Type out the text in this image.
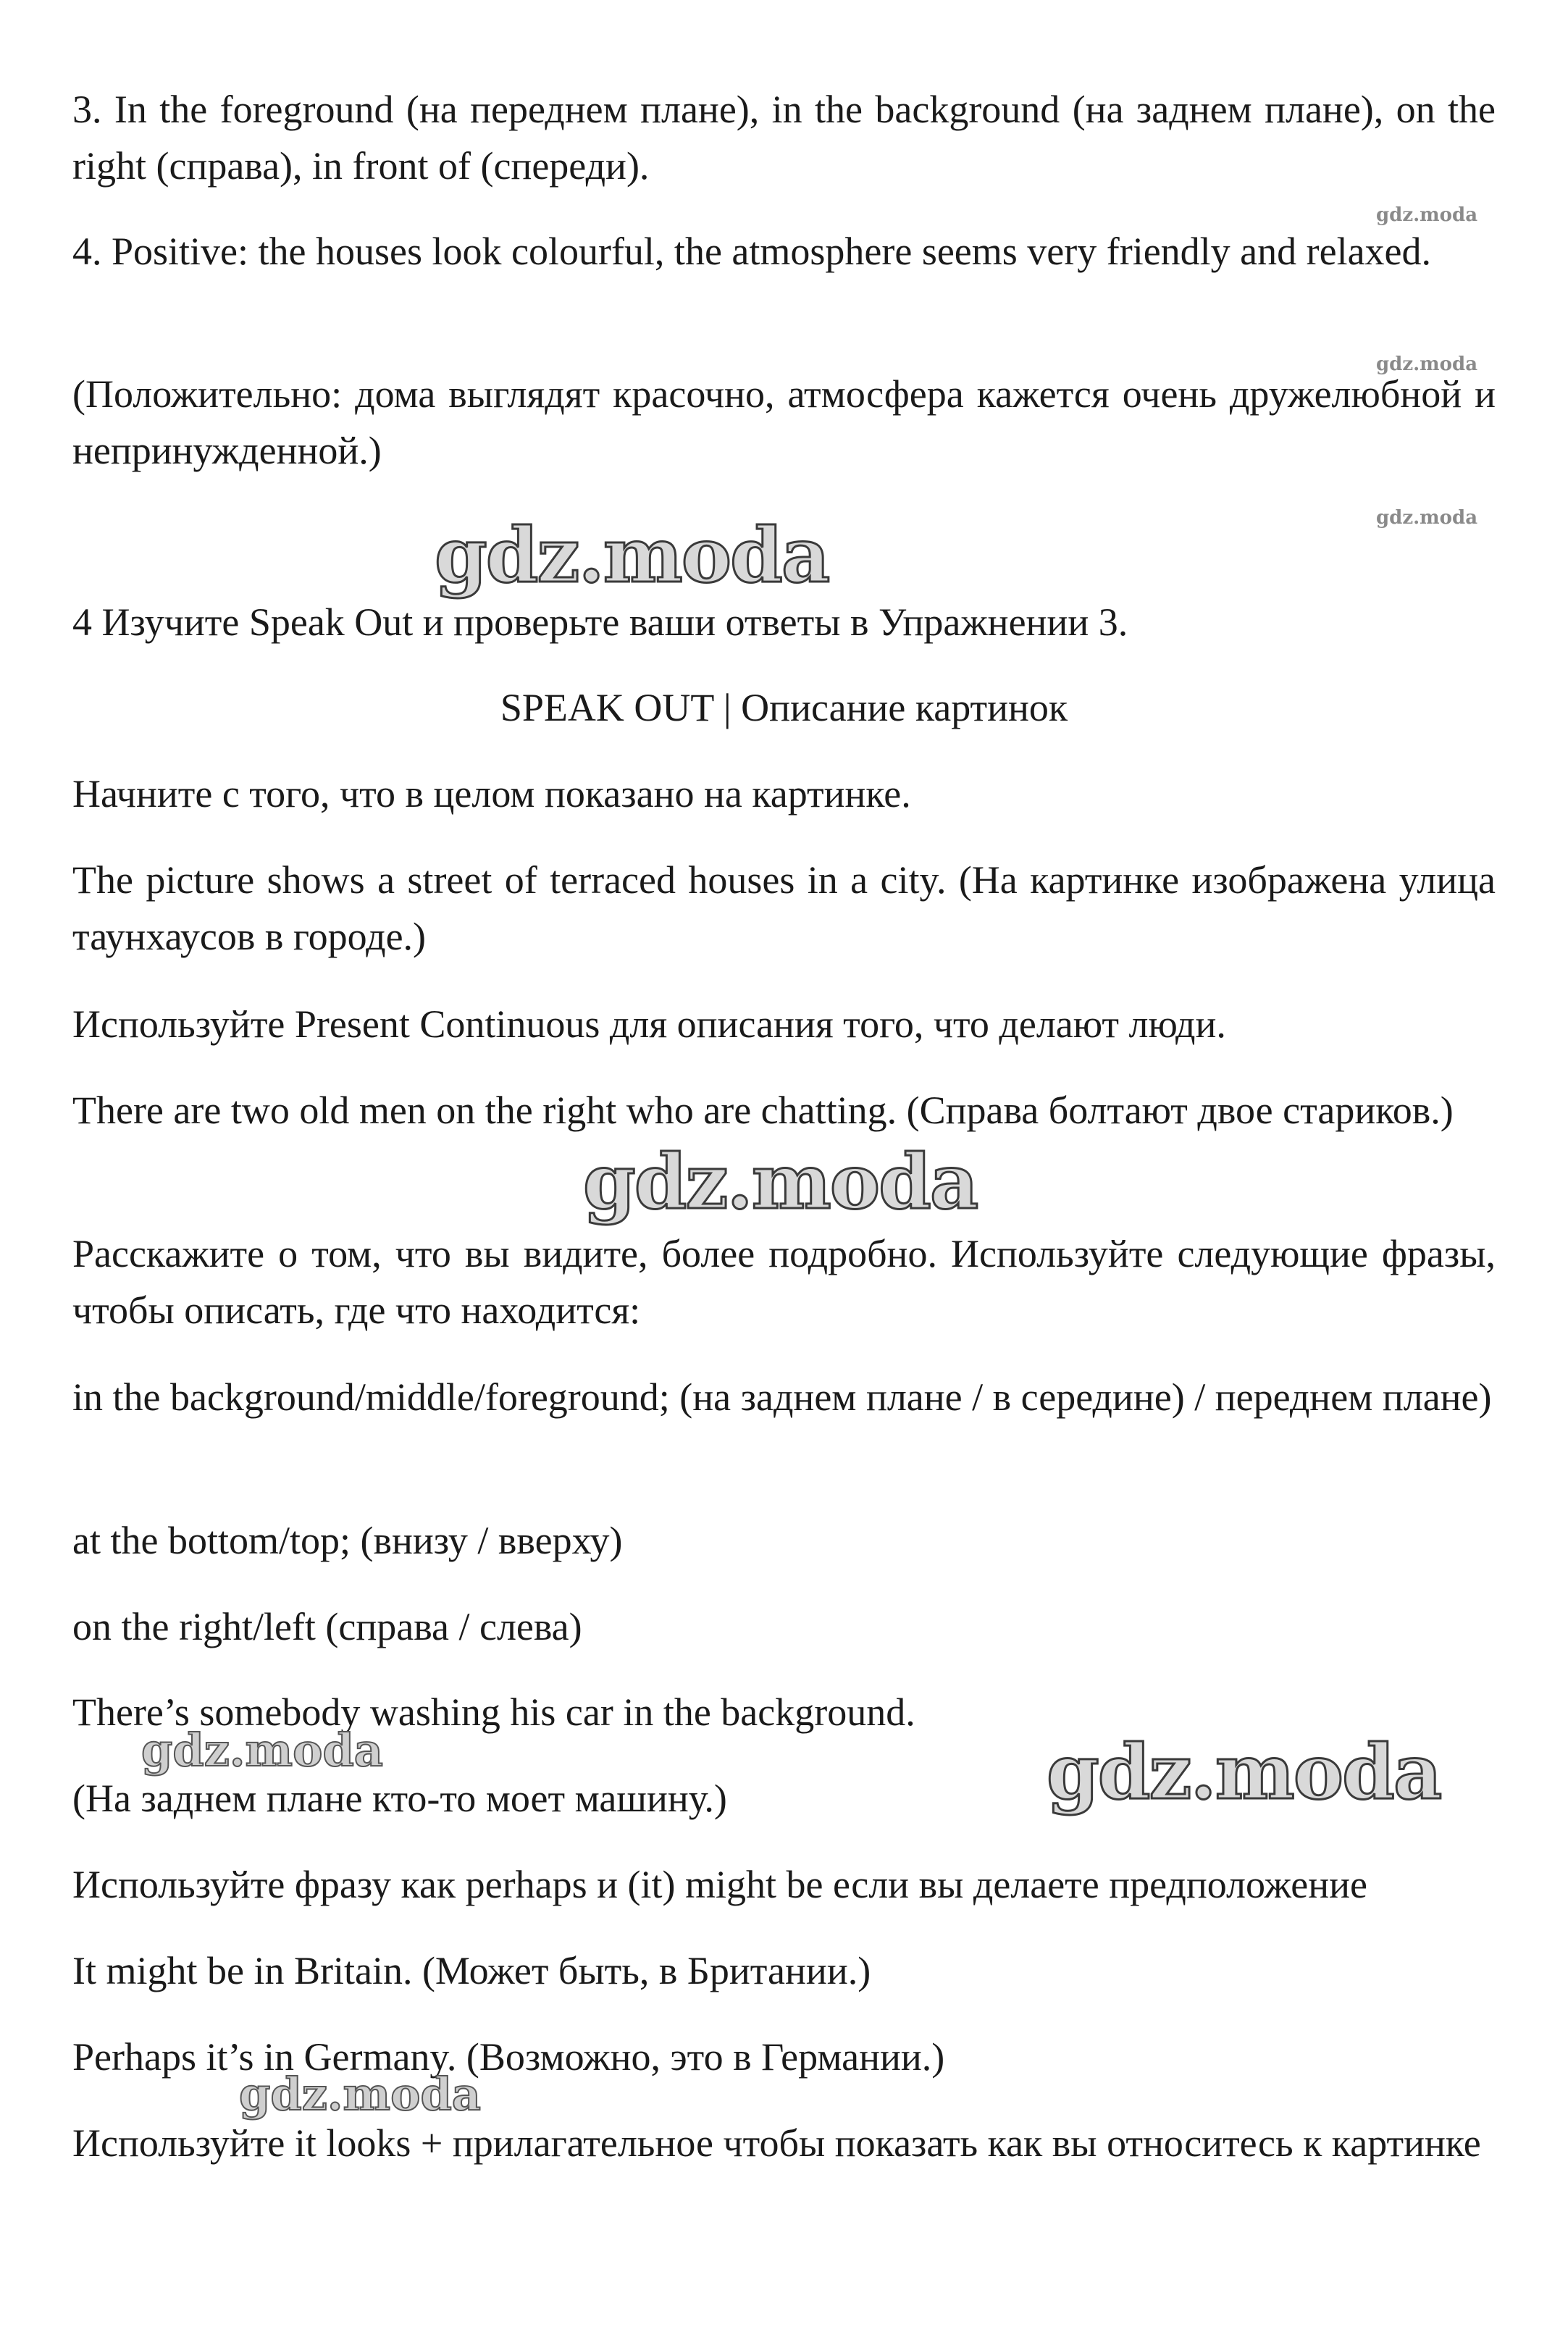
3. In the foreground (на переднем плане), in the background (на заднем плане), on the right (справа), in front of (спереди).

4. Positive: the houses look colourful, the atmosphere seems very friendly and relaxed.

(Положительно: дома выглядят красочно, атмосфера кажется очень дружелюбной и непринужденной.)

4 Изучите Speak Out и проверьте ваши ответы в Упражнении 3.

SPEAK OUT | Описание картинок

Начните с того, что в целом показано на картинке.

The picture shows a street of terraced houses in a city. (На картинке изображена улица таунхаусов в городе.)

Используйте Present Continuous для описания того, что делают люди.

There are two old men on the right who are chatting. (Справа болтают двое стариков.)

Расскажите о том, что вы видите, более подробно. Используйте следующие фразы, чтобы описать, где что находится:

in the background/middle/foreground; (на заднем плане / в середине) / переднем плане)

at the bottom/top; (внизу / вверху)

on the right/left (справа / слева)

There’s somebody washing his car in the background.

(На заднем плане кто-то моет машину.)

Используйте фразу как perhaps и (it) might be если вы делаете предположение

It might be in Britain. (Может быть, в Британии.)

Perhaps it’s in Germany. (Возможно, это в Германии.)

Используйте it looks + прилагательное чтобы показать как вы относитесь к картинке

gdz.moda
gdz.moda
gdz.moda
gdz.moda
gdz.moda
gdz.moda	gdz.moda
gdz.moda
